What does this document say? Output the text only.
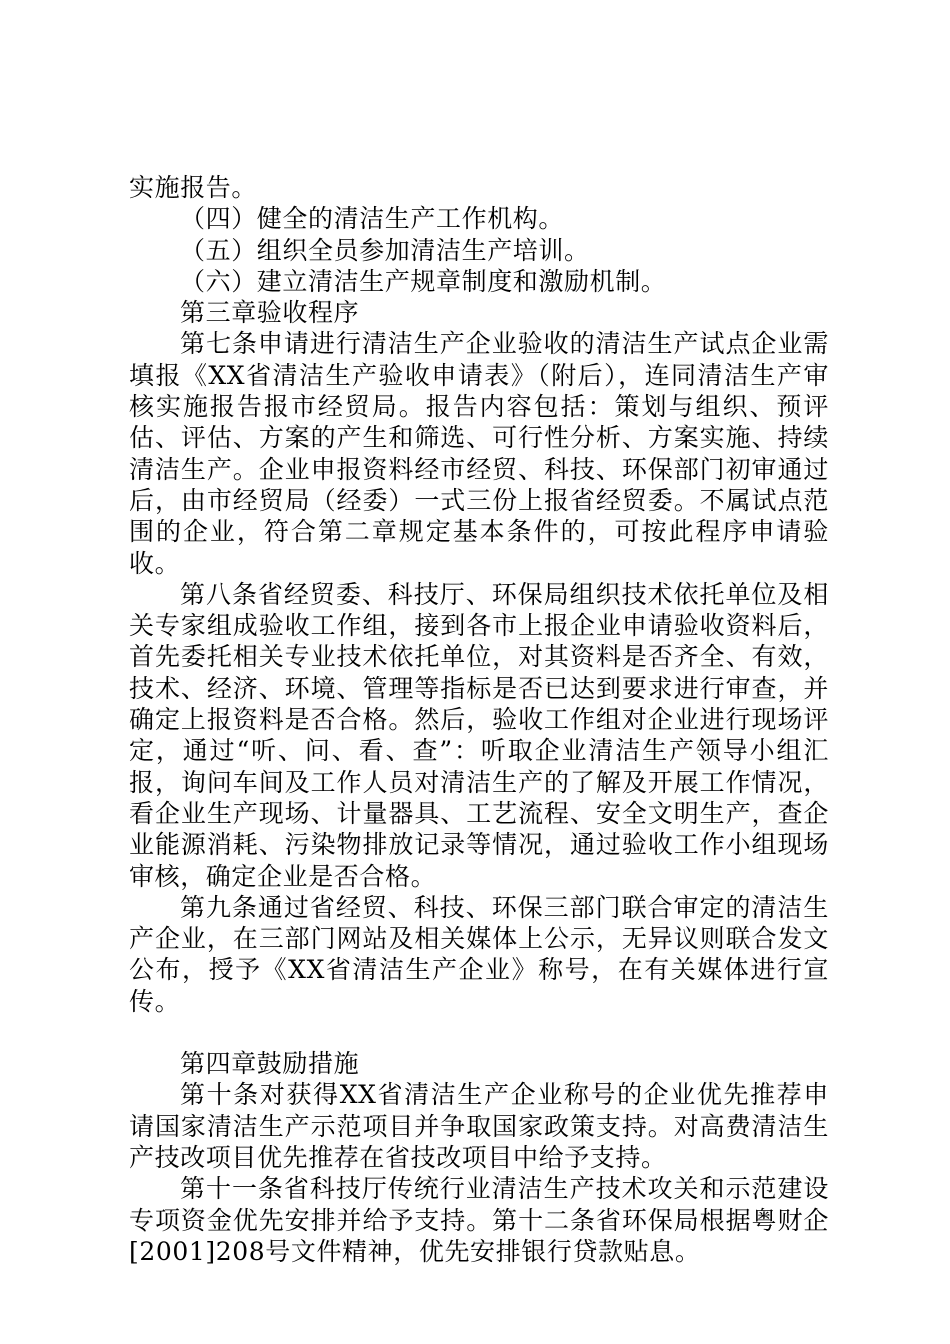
实施报告。

（四）健全的清洁生产工作机构。

（五）组织全员参加清洁生产培训。

（六）建立清洁生产规章制度和激励机制。

第三章验收程序

第七条申请进行清洁生产企业验收的清洁生产试点企业需填报《XX省清洁生产验收申请表》（附后），连同清洁生产审核实施报告报市经贸局。报告内容包括：策划与组织、预评估、评估、方案的产生和筛选、可行性分析、方案实施、持续清洁生产。企业申报资料经市经贸、科技、环保部门初审通过后，由市经贸局（经委）一式三份上报省经贸委。不属试点范围的企业，符合第二章规定基本条件的，可按此程序申请验收。

第八条省经贸委、科技厅、环保局组织技术依托单位及相关专家组成验收工作组，接到各市上报企业申请验收资料后，首先委托相关专业技术依托单位，对其资料是否齐全、有效，技术、经济、环境、管理等指标是否已达到要求进行审查，并确定上报资料是否合格。然后，验收工作组对企业进行现场评定，通过“听、问、看、查”：听取企业清洁生产领导小组汇报，询问车间及工作人员对清洁生产的了解及开展工作情况，看企业生产现场、计量器具、工艺流程、安全文明生产，查企业能源消耗、污染物排放记录等情况，通过验收工作小组现场审核，确定企业是否合格。

第九条通过省经贸、科技、环保三部门联合审定的清洁生产企业，在三部门网站及相关媒体上公示，无异议则联合发文公布，授予《XX省清洁生产企业》称号，在有关媒体进行宣传。

第四章鼓励措施

第十条对获得XX省清洁生产企业称号的企业优先推荐申请国家清洁生产示范项目并争取国家政策支持。对高费清洁生产技改项目优先推荐在省技改项目中给予支持。

第十一条省科技厅传统行业清洁生产技术攻关和示范建设专项资金优先安排并给予支持。第十二条省环保局根据粤财企[2001]208号文件精神，优先安排银行贷款贴息。
